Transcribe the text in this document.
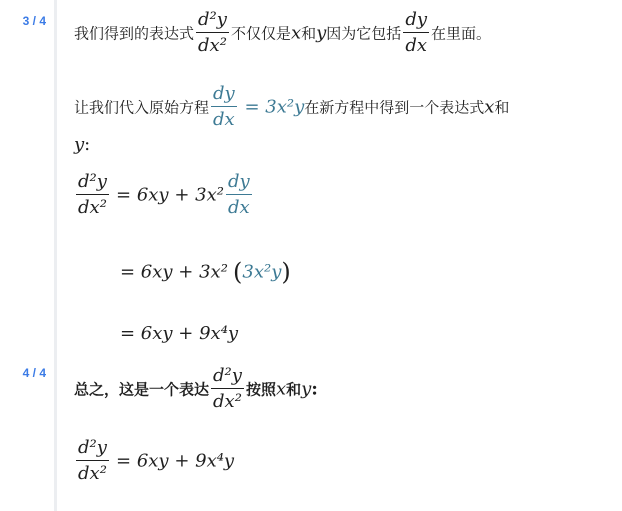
3 / 4
4 / 4
我们得到的表达式 $\frac{\text{d²y}}{\text{dx²}}$ 不仅仅是x和y因为它包括 $\frac{dy}{dx}$ 在里面。
让我们代入原始方程 $\frac{dy}{dx} = 3x^2y$在新方程中得到一个表达式x和
y:
$\frac{\text{d²y}}{\text{dx²}} = 6xy + 3x^2 \frac{dy}{dx}$
= 6xy + 3x² (3x²y)
= 6xy + 9x⁴y
总之，这是一个表达 $\frac{\text{d²y}}{\text{dx²}}$ 按照x和y:
$\frac{\text{d²y}}{\text{dx²}} = 6xy + 9x^4y$
